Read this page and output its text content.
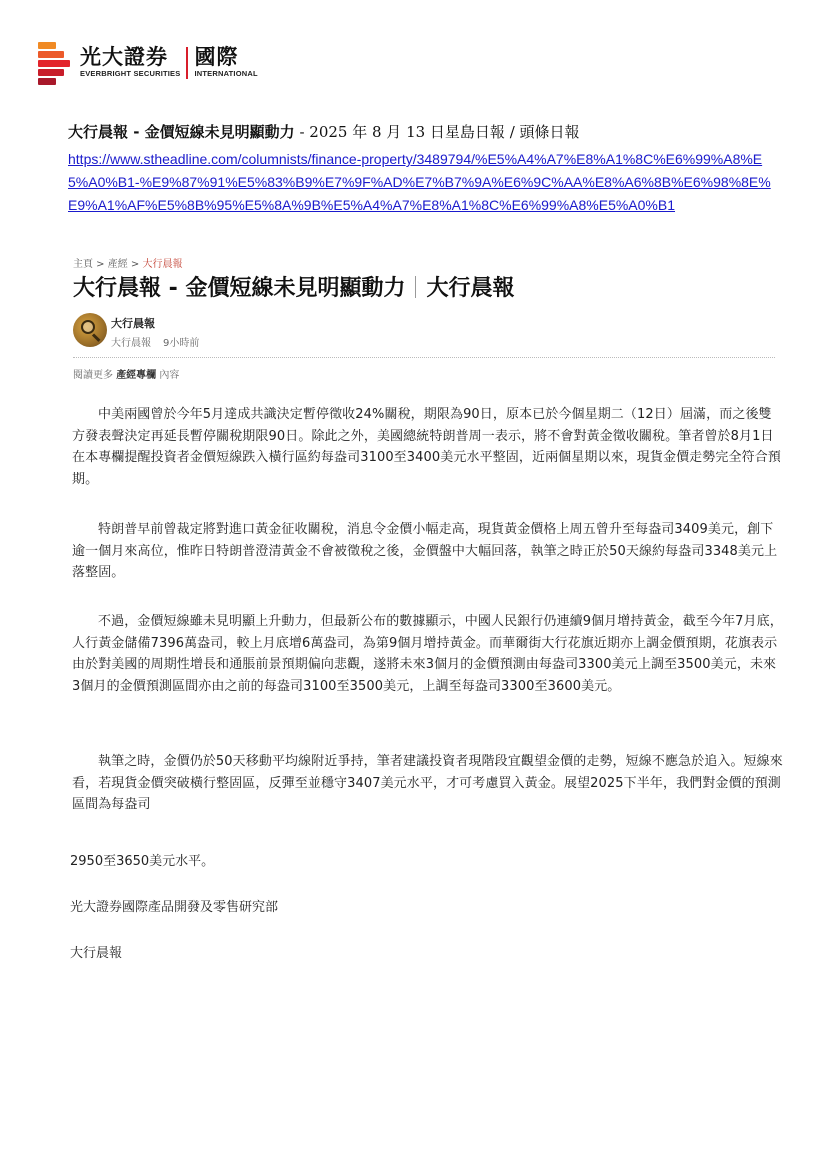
光大證券
EVERBRIGHT SECURITIES
國際
INTERNATIONAL
大行晨報 - 金價短線未見明顯動力 - 2025 年 8 月 13 日星島日報 / 頭條日報
https://www.stheadline.com/columnists/finance-property/3489794/%E5%A4%A7%E8%A1%8C%E6%99%A8%E5%A0%B1-%E9%87%91%E5%83%B9%E7%9F%AD%E7%B7%9A%E6%9C%AA%E8%A6%8B%E6%98%8E%E9%A1%AF%E5%8B%95%E5%8A%9B%E5%A4%A7%E8%A1%8C%E6%99%A8%E5%A0%B1
主頁 > 產經 > 大行晨報
大行晨報 - 金價短線未見明顯動力 大行晨報
大行晨報
大行晨報 9小時前
閱讀更多 產經專欄 內容

中美兩國曾於今年5月達成共識決定暫停徵收24%關稅，期限為90日，原本已於今個星期二（12日）屆滿，而之後雙方發表聲決定再延長暫停關稅期限90日。除此之外，美國總統特朗普周一表示，將不會對黃金徵收關稅。筆者曾於8月1日在本專欄提醒投資者金價短線跌入橫行區約每盎司3100至3400美元水平整固，近兩個星期以來，現貨金價走勢完全符合預期。

特朗普早前曾裁定將對進口黃金征收關稅，消息令金價小幅走高，現貨黃金價格上周五曾升至每盎司3409美元，創下逾一個月來高位，惟昨日特朗普澄清黃金不會被徵稅之後，金價盤中大幅回落，執筆之時正於50天線約每盎司3348美元上落整固。

不過，金價短線雖未見明顯上升動力，但最新公布的數據顯示，中國人民銀行仍連續9個月增持黃金，截至今年7月底，人行黃金儲備7396萬盎司，較上月底增6萬盎司，為第9個月增持黃金。而華爾街大行花旗近期亦上調金價預期，花旗表示由於對美國的周期性增長和通脹前景預期偏向悲觀，遂將未來3個月的金價預測由每盎司3300美元上調至3500美元，未來3個月的金價預測區間亦由之前的每盎司3100至3500美元，上調至每盎司3300至3600美元。

執筆之時，金價仍於50天移動平均線附近爭持，筆者建議投資者現階段宜觀望金價的走勢，短線不應急於追入。短線來看，若現貨金價突破橫行整固區，反彈至並穩守3407美元水平，才可考慮買入黃金。展望2025下半年，我們對金價的預測區間為每盎司

2950至3650美元水平。
光大證券國際產品開發及零售研究部
大行晨報
